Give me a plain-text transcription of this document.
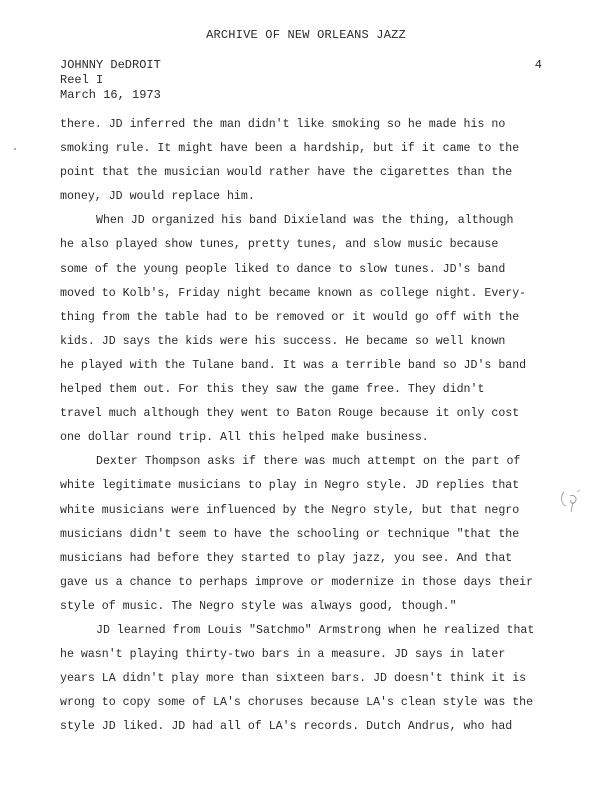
ARCHIVE OF NEW ORLEANS JAZZ
JOHNNY DeDROIT
Reel I
March 16, 1973
4
there. JD inferred the man didn't like smoking so he made his no
smoking rule. It might have been a hardship, but if it came to the
point that the musician would rather have the cigarettes than the
money, JD would replace him.
When JD organized his band Dixieland was the thing, although
he also played show tunes, pretty tunes, and slow music because
some of the young people liked to dance to slow tunes. JD's band
moved to Kolb's, Friday night became known as college night. Every-
thing from the table had to be removed or it would go off with the
kids. JD says the kids were his success. He became so well known
he played with the Tulane band. It was a terrible band so JD's band
helped them out. For this they saw the game free. They didn't
travel much although they went to Baton Rouge because it only cost
one dollar round trip. All this helped make business.
Dexter Thompson asks if there was much attempt on the part of
white legitimate musicians to play in Negro style. JD replies that
white musicians were influenced by the Negro style, but that negro
musicians didn't seem to have the schooling or technique "that the
musicians had before they started to play jazz, you see. And that
gave us a chance to perhaps improve or modernize in those days their
style of music. The Negro style was always good, though."
JD learned from Louis "Satchmo" Armstrong when he realized that
he wasn't playing thirty-two bars in a measure. JD says in later
years LA didn't play more than sixteen bars. JD doesn't think it is
wrong to copy some of LA's choruses because LA's clean style was the
style JD liked. JD had all of LA's records. Dutch Andrus, who had
